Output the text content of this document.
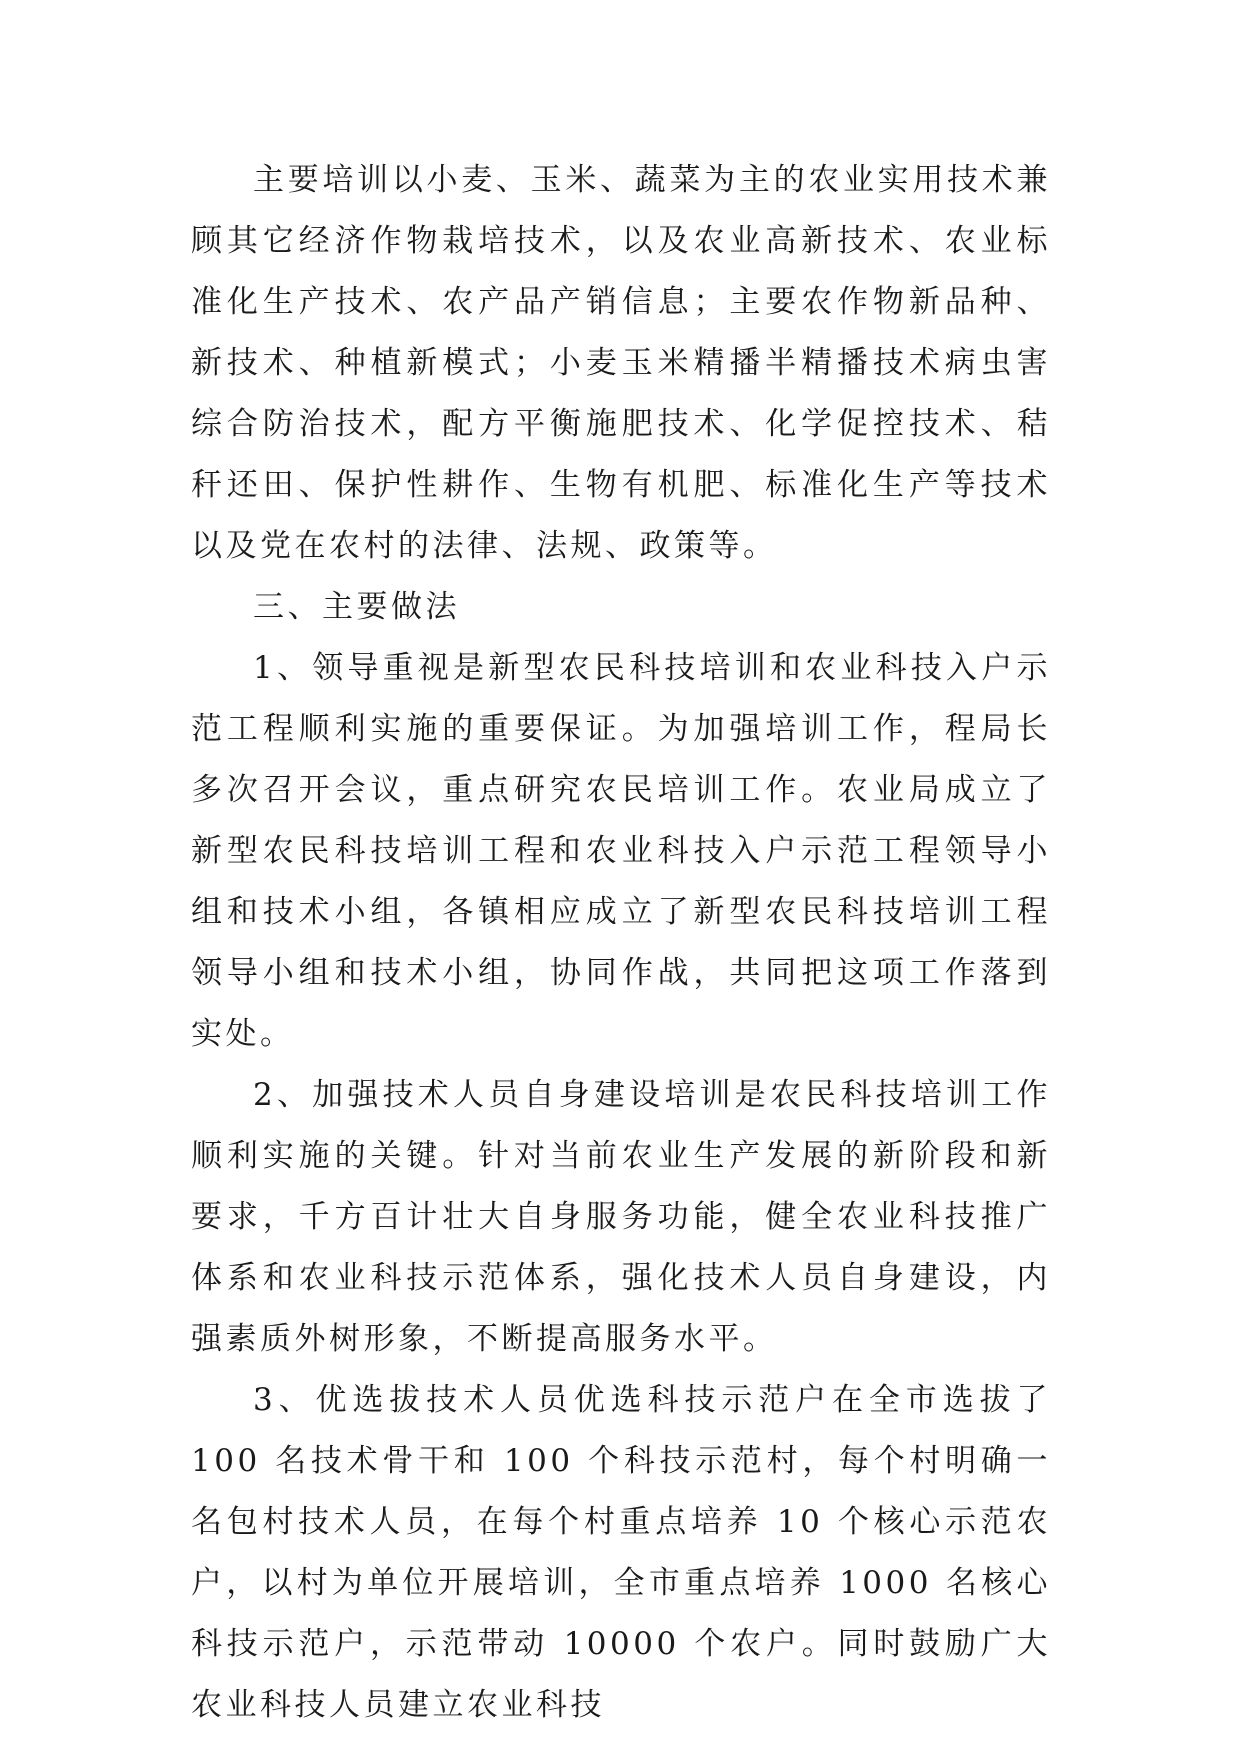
主要培训以小麦、玉米、蔬菜为主的农业实用技术兼顾其它经济作物栽培技术，以及农业高新技术、农业标准化生产技术、农产品产销信息；主要农作物新品种、新技术、种植新模式；小麦玉米精播半精播技术病虫害综合防治技术，配方平衡施肥技术、化学促控技术、秸秆还田、保护性耕作、生物有机肥、标准化生产等技术以及党在农村的法律、法规、政策等。

三、主要做法

1、领导重视是新型农民科技培训和农业科技入户示范工程顺利实施的重要保证。为加强培训工作，程局长多次召开会议，重点研究农民培训工作。农业局成立了新型农民科技培训工程和农业科技入户示范工程领导小组和技术小组，各镇相应成立了新型农民科技培训工程领导小组和技术小组，协同作战，共同把这项工作落到实处。

2、加强技术人员自身建设培训是农民科技培训工作顺利实施的关键。针对当前农业生产发展的新阶段和新要求，千方百计壮大自身服务功能，健全农业科技推广体系和农业科技示范体系，强化技术人员自身建设，内强素质外树形象，不断提高服务水平。

3、优选拔技术人员优选科技示范户在全市选拔了 100 名技术骨干和 100 个科技示范村，每个村明确一名包村技术人员，在每个村重点培养 10 个核心示范农户，以村为单位开展培训，全市重点培养 1000 名核心科技示范户，示范带动 10000 个农户。同时鼓励广大农业科技人员建立农业科技
